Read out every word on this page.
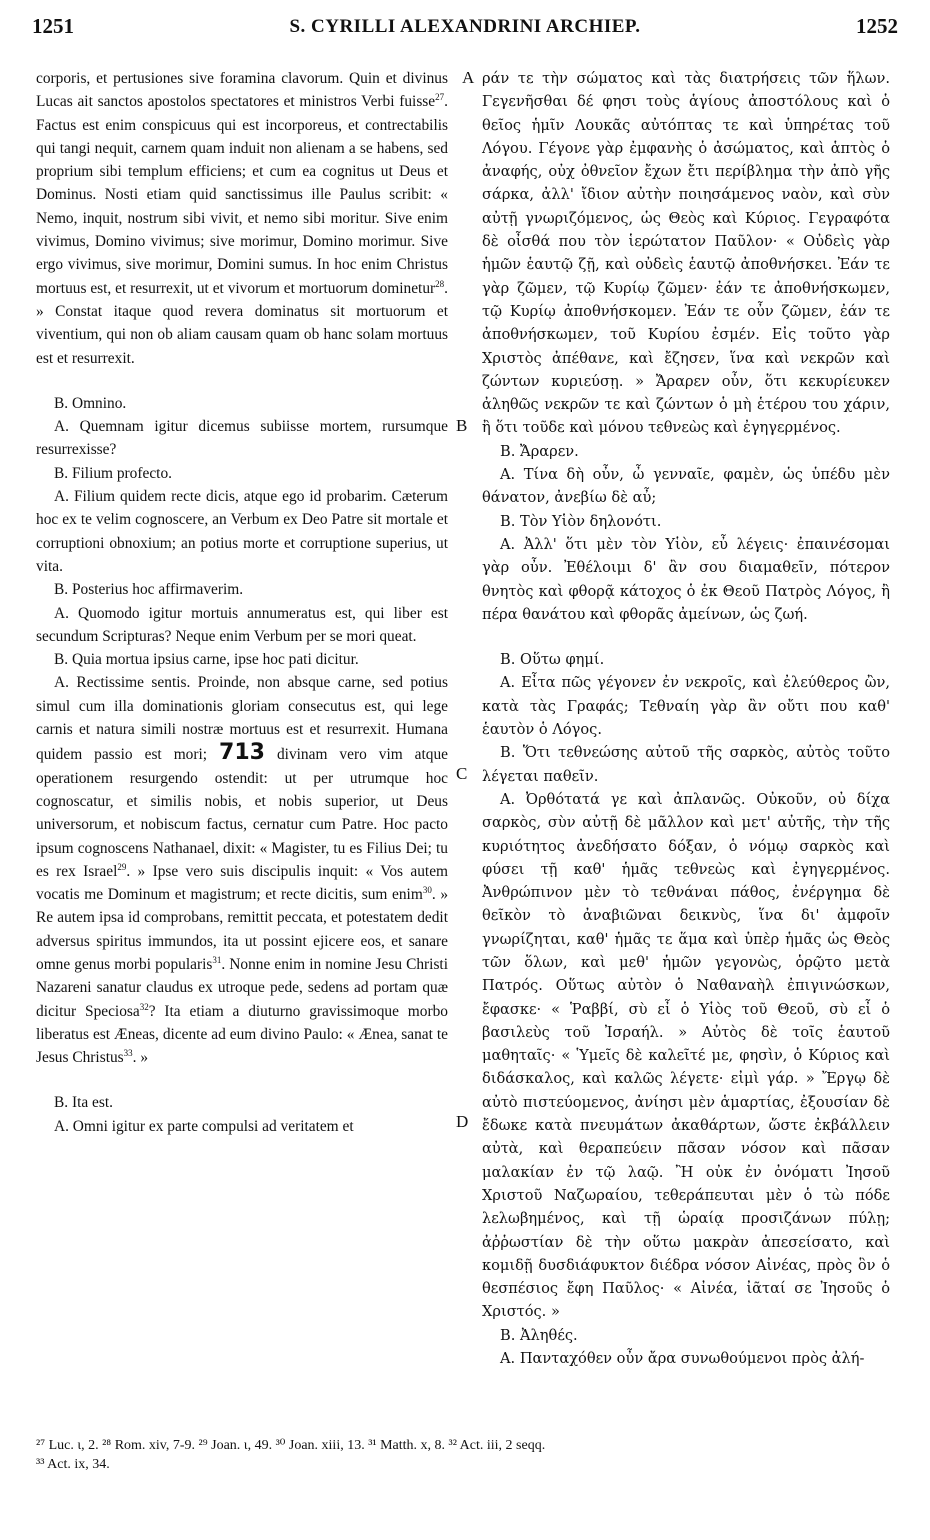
1251	S. CYRILLI ALEXANDRINI ARCHIEP.	1252
A
B
C
D

corporis, et pertusiones sive foramina clavorum. Quin et divinus Lucas ait sanctos apostolos spectatores et ministros Verbi fuisse$^{27}$. Factus est enim conspicuus qui est incorporeus, et contrectabilis qui tangi nequit, carnem quam induit non alienam a se habens, sed proprium sibi templum efficiens; et cum ea cognitus ut Deus et Dominus. Nosti etiam quid sanctissimus ille Paulus scribit: « Nemo, inquit, nostrum sibi vivit, et nemo sibi moritur. Sive enim vivimus, Domino vivimus; sive morimur, Domino morimur. Sive ergo vivimus, sive morimur, Domini sumus. In hoc enim Christus mortuus est, et resurrexit, ut et vivorum et mortuorum dominetur$^{28}$. » Constat itaque quod revera dominatus sit mortuorum et viventium, qui non ob aliam causam quam ob hanc solam mortuus est et resurrexit.

B. Omnino.

A. Quemnam igitur dicemus subiisse mortem, rursumque resurrexisse?

B. Filium profecto.

A. Filium quidem recte dicis, atque ego id probarim. Cæterum hoc ex te velim cognoscere, an Verbum ex Deo Patre sit mortale et corruptioni obnoxium; an potius morte et corruptione superius, ut vita.

B. Posterius hoc affirmaverim.

A. Quomodo igitur mortuis annumeratus est, qui liber est secundum Scripturas? Neque enim Verbum per se mori queat.

B. Quia mortua ipsius carne, ipse hoc pati dicitur.

A. Rectissime sentis. Proinde, non absque carne, sed potius simul cum illa dominationis gloriam consecutus est, qui lege carnis et natura simili nostræ mortuus est et resurrexit. Humana quidem passio est mori; 713 divinam vero vim atque operationem resurgendo ostendit: ut per utrumque hoc cognoscatur, et similis nobis, et nobis superior, ut Deus universorum, et nobiscum factus, cernatur cum Patre. Hoc pacto ipsum cognoscens Nathanael, dixit: « Magister, tu es Filius Dei; tu es rex Israel$^{29}$. » Ipse vero suis discipulis inquit: « Vos autem vocatis me Dominum et magistrum; et recte dicitis, sum enim$^{30}$. » Re autem ipsa id comprobans, remittit peccata, et potestatem dedit adversus spiritus immundos, ita ut possint ejicere eos, et sanare omne genus morbi popularis$^{31}$. Nonne enim in nomine Jesu Christi Nazareni sanatur claudus ex utroque pede, sedens ad portam quæ dicitur Speciosa$^{32}$? Ita etiam a diuturno gravissimoque morbo liberatus est Æneas, dicente ad eum divino Paulo: « Ænea, sanat te Jesus Christus$^{33}$. »

B. Ita est.

A. Omni igitur ex parte compulsi ad veritatem et

ράν τε τὴν σώματος καὶ τὰς διατρήσεις τῶν ἥλων. Γεγενῆσθαι δέ φησι τοὺς ἁγίους ἀποστόλους καὶ ὁ θεῖος ἡμῖν Λουκᾶς αὐτόπτας τε καὶ ὑπηρέτας τοῦ Λόγου. Γέγονε γὰρ ἐμφανὴς ὁ ἀσώματος, καὶ ἁπτὸς ὁ ἀναφής, οὐχ ὀθνεῖον ἔχων ἔτι περίβλημα τὴν ἀπὸ γῆς σάρκα, ἀλλ' ἴδιον αὐτὴν ποιησάμενος ναὸν, καὶ σὺν αὐτῇ γνωριζόμενος, ὡς Θεὸς καὶ Κύριος. Γεγραφότα δὲ οἶσθά που τὸν ἱερώτατον Παῦλον· « Οὐδεὶς γὰρ ἡμῶν ἑαυτῷ ζῇ, καὶ οὐδεὶς ἑαυτῷ ἀποθνήσκει. Ἐάν τε γὰρ ζῶμεν, τῷ Κυρίῳ ζῶμεν· ἐάν τε ἀποθνήσκωμεν, τῷ Κυρίῳ ἀποθνήσκομεν. Ἐάν τε οὖν ζῶμεν, ἐάν τε ἀποθνήσκωμεν, τοῦ Κυρίου ἐσμέν. Εἰς τοῦτο γὰρ Χριστὸς ἀπέθανε, καὶ ἔζησεν, ἵνα καὶ νεκρῶν καὶ ζώντων κυριεύσῃ. » Ἄραρεν οὖν, ὅτι κεκυρίευκεν ἀληθῶς νεκρῶν τε καὶ ζώντων ὁ μὴ ἑτέρου του χάριν, ἢ ὅτι τοῦδε καὶ μόνου τεθνεὼς καὶ ἐγηγερμένος.

B. Ἄραρεν.

A. Τίνα δὴ οὖν, ὦ γενναῖε, φαμὲν, ὡς ὑπέδυ μὲν θάνατον, ἀνεβίω δὲ αὖ;

B. Τὸν Υἱὸν δηλονότι.

A. Ἀλλ' ὅτι μὲν τὸν Υἱὸν, εὖ λέγεις· ἐπαινέσομαι γὰρ οὖν. Ἐθέλοιμι δ' ἂν σου διαμαθεῖν, πότερον θνητὸς καὶ φθορᾷ κάτοχος ὁ ἐκ Θεοῦ Πατρὸς Λόγος, ἢ πέρα θανάτου καὶ φθορᾶς ἀμείνων, ὡς ζωή.

B. Οὕτω φημί.

A. Εἶτα πῶς γέγονεν ἐν νεκροῖς, καὶ ἐλεύθερος ὢν, κατὰ τὰς Γραφάς; Τεθναίη γὰρ ἂν οὔτι που καθ' ἑαυτὸν ὁ Λόγος.

B. Ὅτι τεθνεώσης αὐτοῦ τῆς σαρκὸς, αὐτὸς τοῦτο λέγεται παθεῖν.

A. Ὀρθότατά γε καὶ ἀπλανῶς. Οὐκοῦν, οὐ δίχα σαρκὸς, σὺν αὐτῇ δὲ μᾶλλον καὶ μετ' αὐτῆς, τὴν τῆς κυριότητος ἀνεδήσατο δόξαν, ὁ νόμῳ σαρκὸς καὶ φύσει τῇ καθ' ἡμᾶς τεθνεὼς καὶ ἐγηγερμένος. Ἀνθρώπινον μὲν τὸ τεθνάναι πάθος, ἐνέργημα δὲ θεῖκὸν τὸ ἀναβιῶναι δεικνὺς, ἵνα δι' ἀμφοῖν γνωρίζηται, καθ' ἡμᾶς τε ἅμα καὶ ὑπὲρ ἡμᾶς ὡς Θεὸς τῶν ὅλων, καὶ μεθ' ἡμῶν γεγονὼς, ὁρῷτο μετὰ Πατρός. Οὕτως αὐτὸν ὁ Ναθαναὴλ ἐπιγινώσκων, ἔφασκε· « Ῥαββί, σὺ εἶ ὁ Υἱὸς τοῦ Θεοῦ, σὺ εἶ ὁ βασιλεὺς τοῦ Ἰσραήλ. » Αὐτὸς δὲ τοῖς ἑαυτοῦ μαθηταῖς· « Ὑμεῖς δὲ καλεῖτέ με, φησὶν, ὁ Κύριος καὶ διδάσκαλος, καὶ καλῶς λέγετε· εἰμὶ γάρ. » Ἔργῳ δὲ αὐτὸ πιστεύομενος, ἀνίησι μὲν ἁμαρτίας, ἐξουσίαν δὲ ἔδωκε κατὰ πνευμάτων ἀκαθάρτων, ὥστε ἐκβάλλειν αὐτὰ, καὶ θεραπεύειν πᾶσαν νόσον καὶ πᾶσαν μαλακίαν ἐν τῷ λαῷ. Ἢ οὐκ ἐν ὀνόματι Ἰησοῦ Χριστοῦ Ναζωραίου, τεθεράπευται μὲν ὁ τὼ πόδε λελωβημένος, καὶ τῇ ὡραίᾳ προσιζάνων πύλῃ; ἀῤῥωστίαν δὲ τὴν οὕτω μακρὰν ἀπεσείσατο, καὶ κομιδῇ δυσδιάφυκτον διέδρα νόσον Αἰνέας, πρὸς ὃν ὁ θεσπέσιος ἔφη Παῦλος· « Αἰνέα, ἰᾶταί σε Ἰησοῦς ὁ Χριστός. »

B. Ἀληθές.

A. Πανταχόθεν οὖν ἄρα συνωθούμενοι πρὸς ἀλή-

²⁷ Luc. ι, 2. ²⁸ Rom. xiv, 7-9. ²⁹ Joan. ι, 49. ³⁰ Joan. xiii, 13. ³¹ Matth. x, 8. ³² Act. iii, 2 seqq.
³³ Act. ix, 34.
